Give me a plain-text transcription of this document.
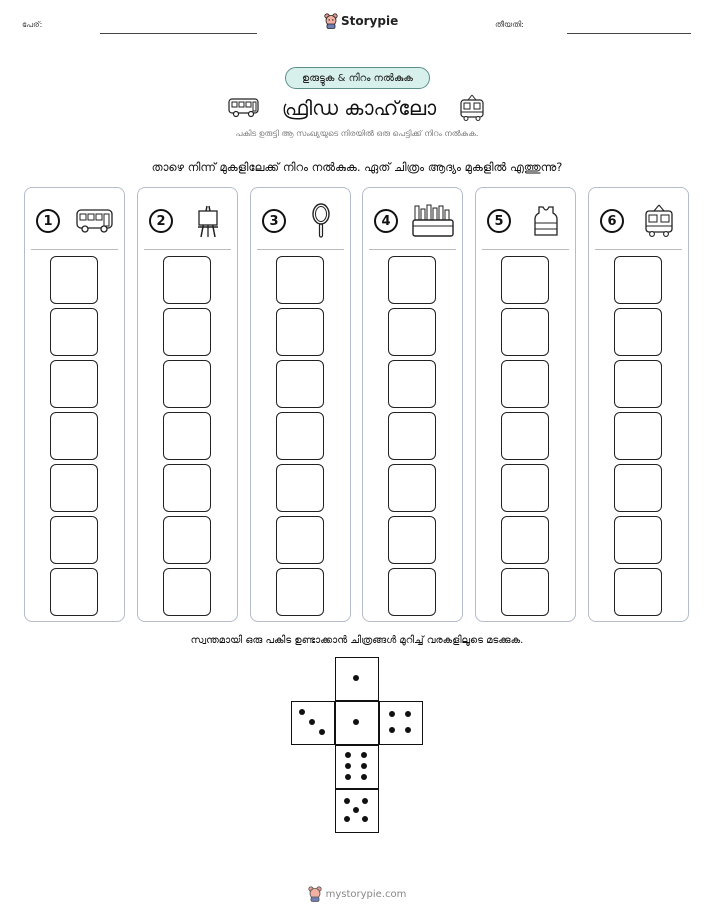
പേര്:	Storypie	തീയതി:
ഉരുട്ടുക & നിറം നൽകുക
ഫ്രിഡ കാഹ്‌ലോ
പകിട ഉരുട്ടി ആ സംഖ്യയുടെ നിരയിൽ ഒരു പെട്ടിക്ക് നിറം നൽകുക.
താഴെ നിന്ന് മുകളിലേക്ക് നിറം നൽകുക. ഏത് ചിത്രം ആദ്യം മുകളിൽ എത്തുന്നു?
1	2	3	4	5	6
സ്വന്തമായി ഒരു പകിട ഉണ്ടാക്കാൻ ചിത്രങ്ങൾ മുറിച്ച് വരകളിലൂടെ മടക്കുക.
mystorypie.com
